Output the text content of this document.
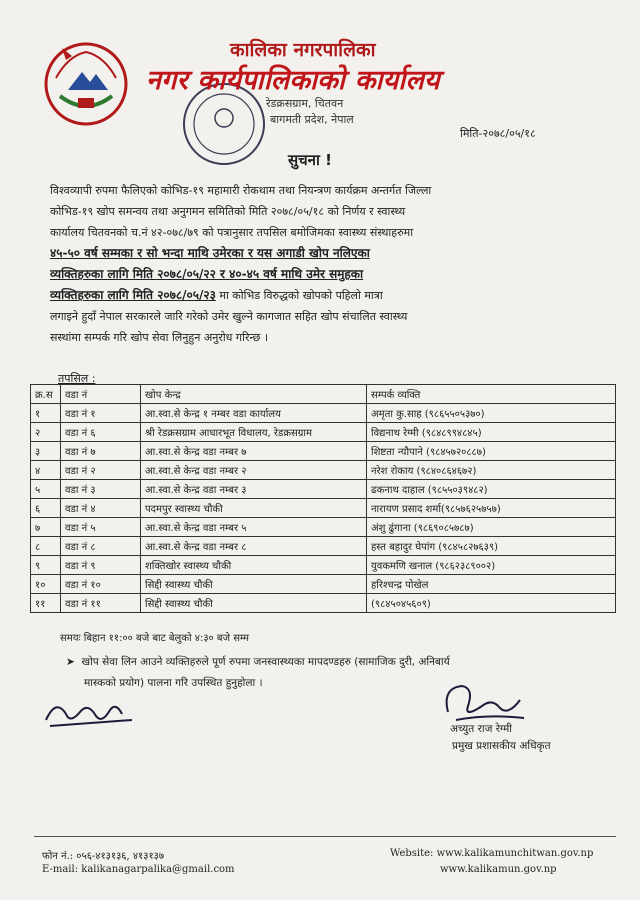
कालिका नगरपालिका
नगर कार्यपालिकाको कार्यालय
रेडक्रसग्राम, चितवन
बागमती प्रदेश, नेपाल
मिति-२०७८/०५/१८
सुचना !
विश्वव्यापी रुपमा फैलिएको कोभिड-१९ महामारी रोकथाम तथा नियन्त्रण कार्यक्रम अन्तर्गत जिल्ला
कोभिड-१९ खोप समन्वय तथा अनुगमन समितिको मिति २०७८/०५/१८ को निर्णय र स्वास्थ्य
कार्यालय चितवनको च.नं ४२-०७८/७९ को पत्रानुसार तपसिल बमोजिमका स्वास्थ्य संस्थाहरुमा
४५-५० वर्ष सम्मका र सो भन्दा माथि उमेरका र यस अगाडी खोप नलिएका
व्यक्तिहरुका लागि मिति २०७८/०५/२२ र ४०-४५ वर्ष माथि उमेर समुहका
व्यक्तिहरुका लागि मिति २०७८/०५/२३ मा कोभिड विरुद्धको खोपको पहिलो मात्रा
लगाइने हुदाँ नेपाल सरकारले जारि गरेको उमेर खुल्ने कागजात सहित खोप संचालित स्वास्थ्य
सस्थांमा सम्पर्क गरि खोप सेवा लिनुहुन अनुरोध गरिन्छ ।
तपसिल :
क्र.स	वडा नं	खोप केन्द्र	सम्पर्क व्यक्ति
१	वडा नं १	आ.स्वा.से केन्द्र १ नम्बर वडा कार्यालय	अमृता कु.साह (९८६५५०५३७०)
२	वडा नं ६	श्री रेडक्रसग्राम आधारभूत विधालय, रेडक्रसग्राम	विद्यनाथ रेग्मी (९८४८९९४८४५)
३	वडा नं ७	आ.स्वा.से केन्द्र वडा नम्बर ७	शिष्टता न्यौपाने (९८४५७२०८८७)
४	वडा नं २	आ.स्वा.से केन्द्र वडा नम्बर २	नरेश रोकाय (९८४०८६४६७२)
५	वडा नं ३	आ.स्वा.से केन्द्र वडा नम्बर ३	ढकनाथ दाहाल (९८५५०३९४८२)
६	वडा नं ४	पदमपुर स्वास्थ्य चौकी	नारायण प्रसाद शर्मा(९८५७६२५७५७)
७	वडा नं ५	आ.स्वा.से केन्द्र वडा नम्बर ५	अंशु ढुंगाना (९८६९०८५७८७)
८	वडा नं ८	आ.स्वा.से केन्द्र वडा नम्बर ८	हस्त बहादुर घेपांग (९८४५८२७६३९)
९	वडा नं ९	शक्तिखोर स्वास्थ्य चौकी	युवकमणि खनाल (९८६२३८९००२)
१०	वडा नं १०	सिद्दी स्वास्थ्य चौकी	हरिश्चन्द्र पोखेल
११	वडा नं ११	सिद्दी स्वास्थ्य चौकी	(९८४५०४५६०९)
समयः बिहान ११:०० बजे बाट बेलुको ४:३० बजे सम्म
➤  खोप सेवा लिन आउने व्यक्तिहरुले पूर्ण रुपमा जनस्वास्थ्यका मापदण्डहरु (सामाजिक दुरी, अनिबार्य
मास्कको प्रयोग) पालना गरि उपस्थित हुनुहोला ।
अच्युत राज रेग्मी
प्रमुख प्रशासकीय अधिकृत
फोन नं.: ०५६-४१३१३६, ४१३१३७
E-mail: kalikanagarpalika@gmail.com
Website: www.kalikamunchitwan.gov.np
www.kalikamun.gov.np
